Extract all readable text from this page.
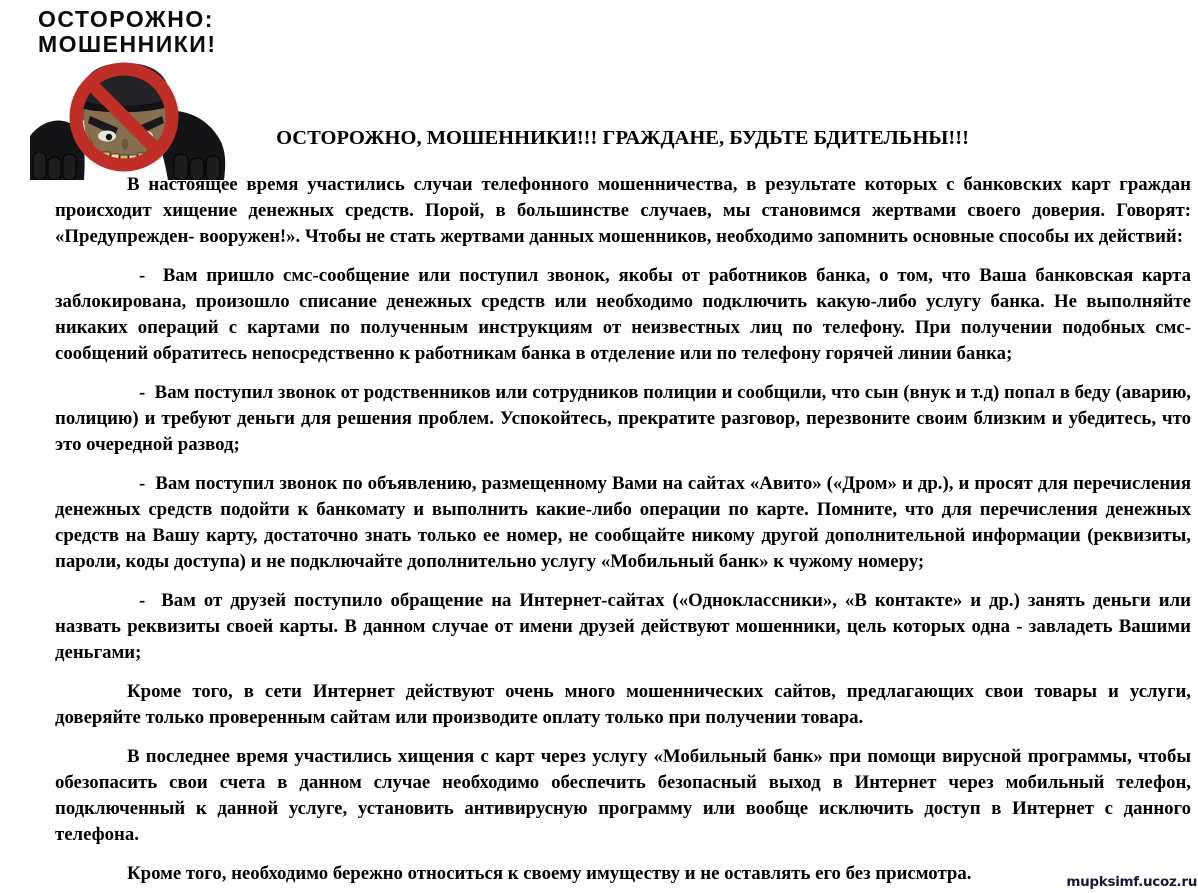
ОСТОРОЖНО:
МОШЕННИКИ!
ОСТОРОЖНО, МОШЕННИКИ!!! ГРАЖДАНЕ, БУДЬТЕ БДИТЕЛЬНЫ!!!

В настоящее время участились случаи телефонного мошенничества, в результате которых с банковских карт граждан происходит хищение денежных средств. Порой, в большинстве случаев, мы становимся жертвами своего доверия. Говорят: «Предупрежден- вооружен!». Чтобы не стать жертвами данных мошенников, необходимо запомнить основные способы их действий:

-  Вам пришло смс-сообщение или поступил звонок, якобы от работников банка, о том, что Ваша банковская карта заблокирована, произошло списание денежных средств или необходимо подключить какую-либо услугу банка. Не выполняйте никаких операций с картами по полученным инструкциям от неизвестных лиц по телефону. При получении подобных смс-сообщений обратитесь непосредственно к работникам банка в отделение или по телефону горячей линии банка;

-  Вам поступил звонок от родственников или сотрудников полиции и сообщили, что сын (внук и т.д) попал в беду (аварию, полицию) и требуют деньги для решения проблем. Успокойтесь, прекратите разговор, перезвоните своим близким и убедитесь, что это очередной развод;

-  Вам поступил звонок по объявлению, размещенному Вами на сайтах «Авито» («Дром» и др.), и просят для перечисления денежных средств подойти к банкомату и выполнить какие-либо операции по карте. Помните, что для перечисления денежных средств на Вашу карту, достаточно знать только ее номер, не сообщайте никому другой дополнительной информации (реквизиты, пароли, коды доступа) и не подключайте дополнительно услугу «Мобильный банк» к чужому номеру;

-  Вам от друзей поступило обращение на Интернет-сайтах («Одноклассники», «В контакте» и др.) занять деньги или назвать реквизиты своей карты. В данном случае от имени друзей действуют мошенники, цель которых одна - завладеть Вашими деньгами;

Кроме того, в сети Интернет действуют очень много мошеннических сайтов, предлагающих свои товары и услуги, доверяйте только проверенным сайтам или производите оплату только при получении товара.

В последнее время участились хищения с карт через услугу «Мобильный банк» при помощи вирусной программы, чтобы обезопасить свои счета в данном случае необходимо обеспечить безопасный выход в Интернет через мобильный телефон, подключенный к данной услуге, установить антивирусную программу или вообще исключить доступ в Интернет с данного телефона.

Кроме того, необходимо бережно относиться к своему имуществу и не оставлять его без присмотра.	mupksimf.ucoz.ru
